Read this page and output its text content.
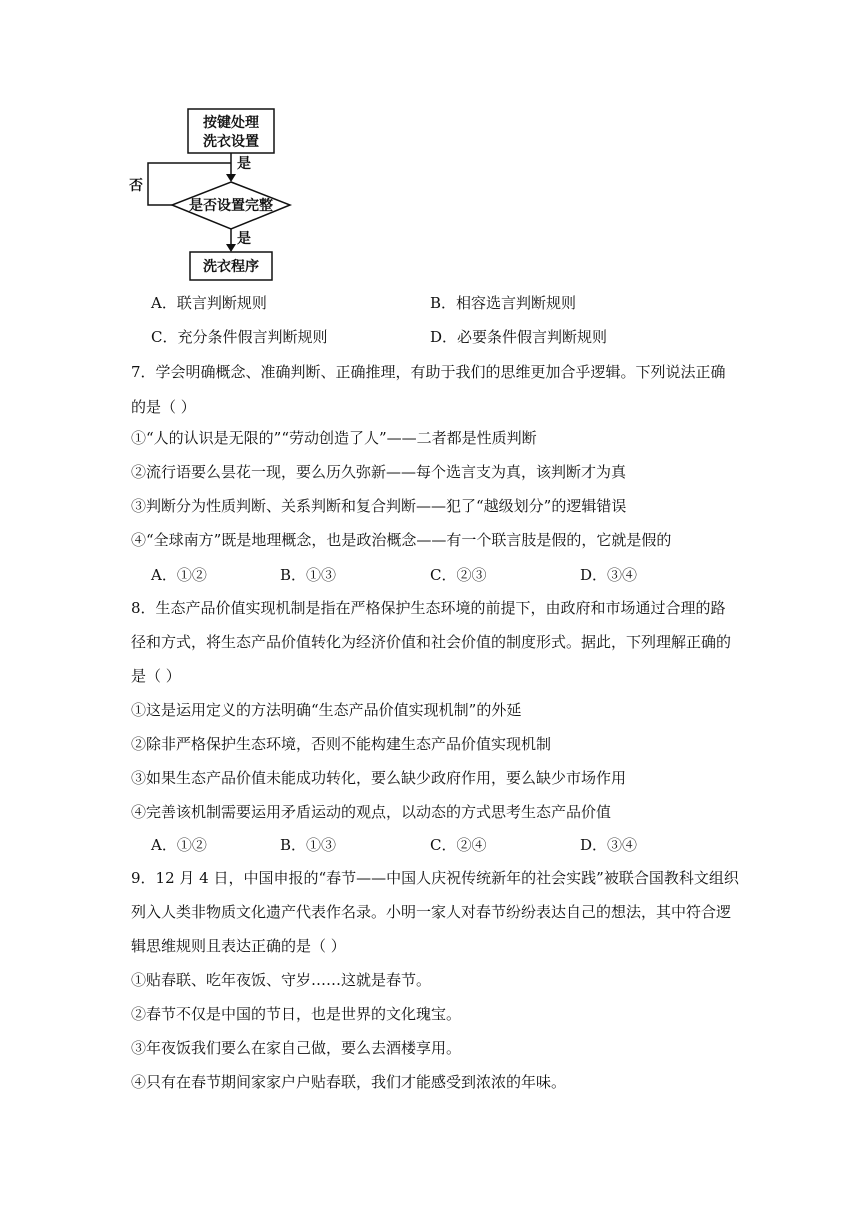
按键处理
洗衣设置
是
是否设置完整
否
是
洗衣程序
A．联言判断规则	B．相容选言判断规则
C．充分条件假言判断规则	D．必要条件假言判断规则
7．学会明确概念、准确判断、正确推理，有助于我们的思维更加合乎逻辑。下列说法正确
的是（ ）
①“人的认识是无限的”“劳动创造了人”——二者都是性质判断
②流行语要么昙花一现，要么历久弥新——每个选言支为真，该判断才为真
③判断分为性质判断、关系判断和复合判断——犯了“越级划分”的逻辑错误
④“全球南方”既是地理概念，也是政治概念——有一个联言肢是假的，它就是假的
A．①②	B．①③	C．②③	D．③④
8．生态产品价值实现机制是指在严格保护生态环境的前提下，由政府和市场通过合理的路
径和方式，将生态产品价值转化为经济价值和社会价值的制度形式。据此，下列理解正确的
是（ ）
①这是运用定义的方法明确“生态产品价值实现机制”的外延
②除非严格保护生态环境，否则不能构建生态产品价值实现机制
③如果生态产品价值未能成功转化，要么缺少政府作用，要么缺少市场作用
④完善该机制需要运用矛盾运动的观点，以动态的方式思考生态产品价值
A．①②	B．①③	C．②④	D．③④
9．12 月 4 日，中国申报的“春节——中国人庆祝传统新年的社会实践”被联合国教科文组织
列入人类非物质文化遗产代表作名录。小明一家人对春节纷纷表达自己的想法，其中符合逻
辑思维规则且表达正确的是（ ）
①贴春联、吃年夜饭、守岁……这就是春节。
②春节不仅是中国的节日，也是世界的文化瑰宝。
③年夜饭我们要么在家自己做，要么去酒楼享用。
④只有在春节期间家家户户贴春联，我们才能感受到浓浓的年味。
